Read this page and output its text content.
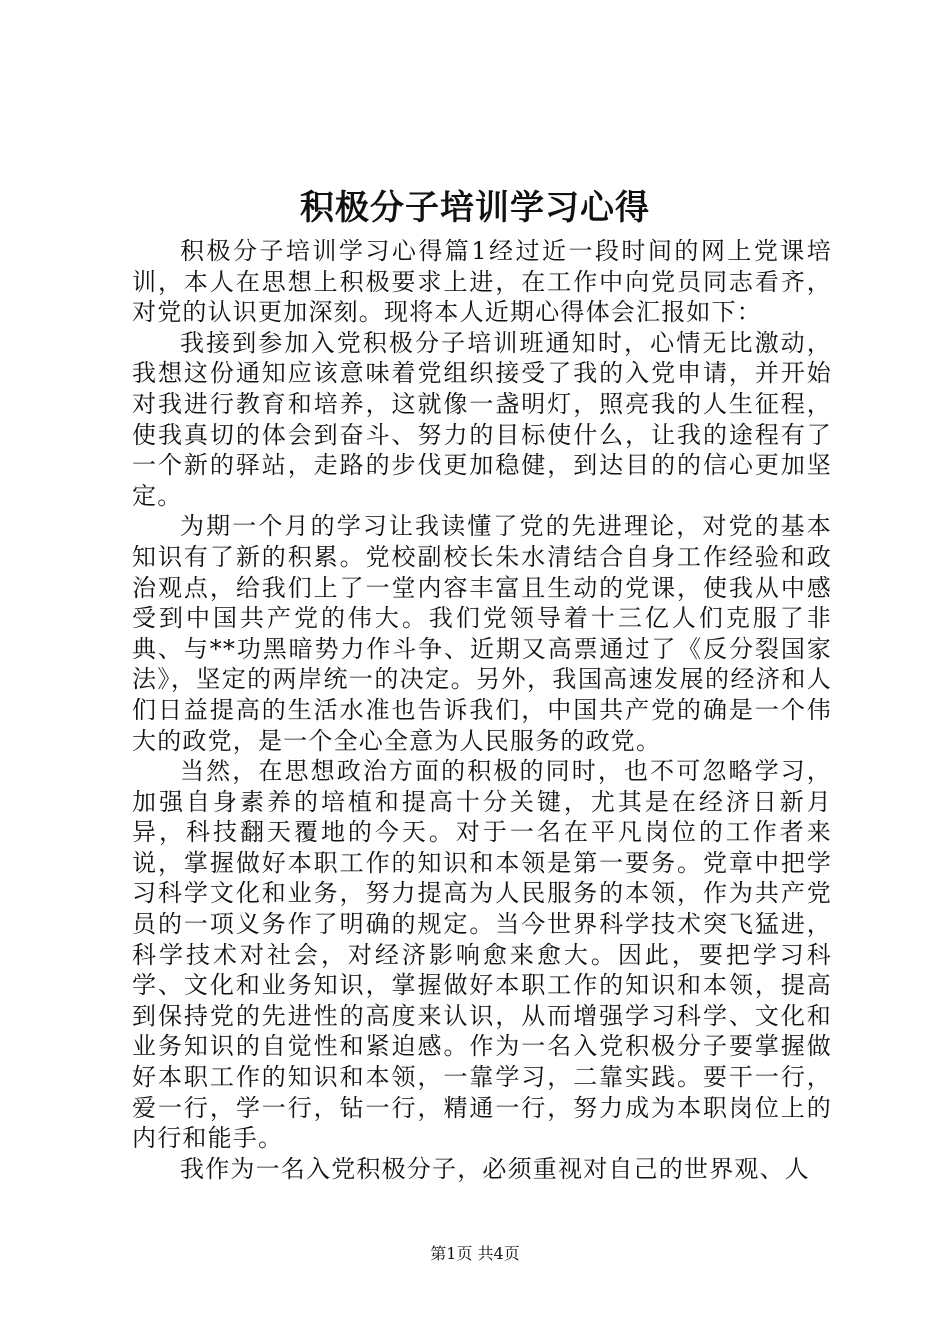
积极分子培训学习心得

积极分子培训学习心得篇1经过近一段时间的网上党课培训，本人在思想上积极要求上进，在工作中向党员同志看齐，对党的认识更加深刻。现将本人近期心得体会汇报如下：

我接到参加入党积极分子培训班通知时，心情无比激动，我想这份通知应该意味着党组织接受了我的入党申请，并开始对我进行教育和培养，这就像一盏明灯，照亮我的人生征程，使我真切的体会到奋斗、努力的目标使什么，让我的途程有了一个新的驿站，走路的步伐更加稳健，到达目的的信心更加坚定。

为期一个月的学习让我读懂了党的先进理论，对党的基本知识有了新的积累。党校副校长朱水清结合自身工作经验和政治观点，给我们上了一堂内容丰富且生动的党课，使我从中感受到中国共产党的伟大。我们党领导着十三亿人们克服了非典、与**功黑暗势力作斗争、近期又高票通过了《反分裂国家法》，坚定的两岸统一的决定。另外，我国高速发展的经济和人们日益提高的生活水准也告诉我们，中国共产党的确是一个伟大的政党，是一个全心全意为人民服务的政党。

当然，在思想政治方面的积极的同时，也不可忽略学习，加强自身素养的培植和提高十分关键，尤其是在经济日新月异，科技翻天覆地的今天。对于一名在平凡岗位的工作者来说，掌握做好本职工作的知识和本领是第一要务。党章中把学习科学文化和业务，努力提高为人民服务的本领，作为共产党员的一项义务作了明确的规定。当今世界科学技术突飞猛进，科学技术对社会，对经济影响愈来愈大。因此，要把学习科学、文化和业务知识，掌握做好本职工作的知识和本领，提高到保持党的先进性的高度来认识，从而增强学习科学、文化和业务知识的自觉性和紧迫感。作为一名入党积极分子要掌握做好本职工作的知识和本领，一靠学习，二靠实践。要干一行，爱一行，学一行，钻一行，精通一行，努力成为本职岗位上的内行和能手。

我作为一名入党积极分子，必须重视对自己的世界观、人

第1页 共4页
